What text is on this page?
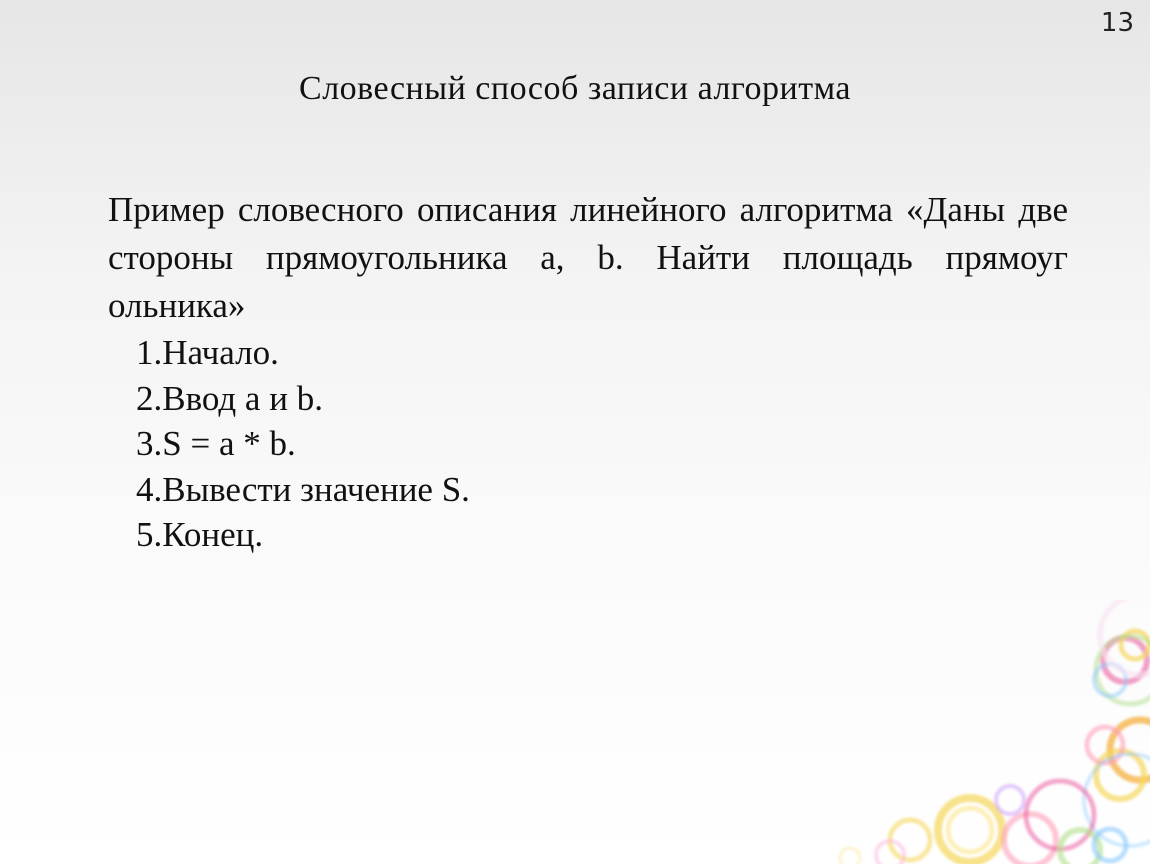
13
Словесный способ записи алгоритма
Пример словесного описания линейного алгоритма «Даны две стороны прямоугольника a, b. Найти площадь прямоуг ольника»
1.Начало.
2.Ввод a и b.
3.S = a * b.
4.Вывести значение S.
5.Конец.
